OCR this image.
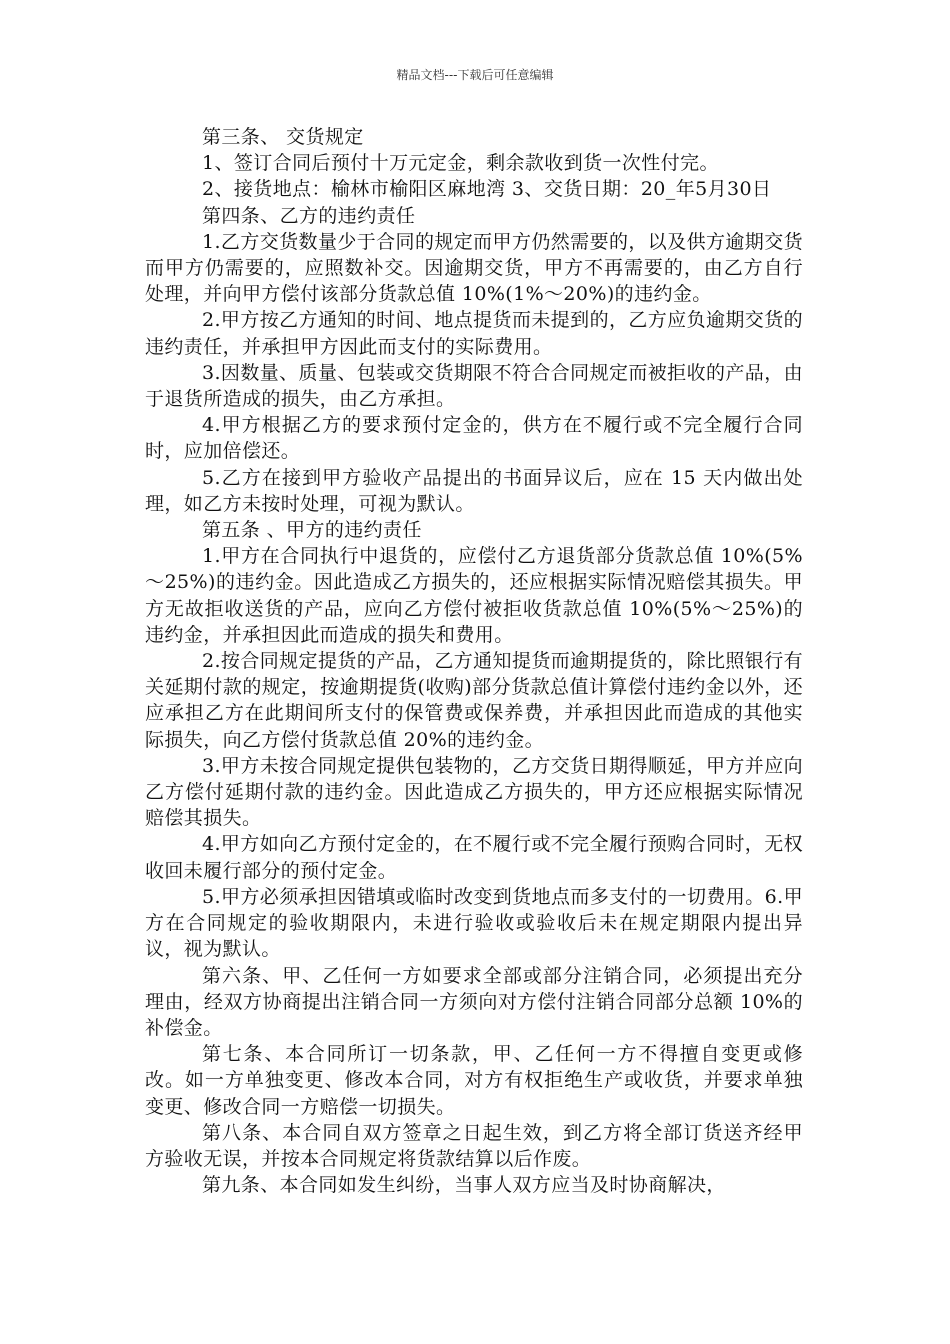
精品文档---下载后可任意编辑

第三条、 交货规定

1、签订合同后预付十万元定金，剩余款收到货一次性付完。

2、接货地点：榆林市榆阳区麻地湾 3、交货日期：20_年5月30日

第四条、乙方的违约责任

1.乙方交货数量少于合同的规定而甲方仍然需要的，以及供方逾期交货而甲方仍需要的，应照数补交。因逾期交货，甲方不再需要的，由乙方自行处理，并向甲方偿付该部分货款总值 10%(1%～20%)的违约金。

2.甲方按乙方通知的时间、地点提货而未提到的，乙方应负逾期交货的违约责任，并承担甲方因此而支付的实际费用。

3.因数量、质量、包装或交货期限不符合合同规定而被拒收的产品，由于退货所造成的损失，由乙方承担。

4.甲方根据乙方的要求预付定金的，供方在不履行或不完全履行合同时，应加倍偿还。

5.乙方在接到甲方验收产品提出的书面异议后，应在 15 天内做出处理，如乙方未按时处理，可视为默认。

第五条 、甲方的违约责任

1.甲方在合同执行中退货的，应偿付乙方退货部分货款总值 10%(5%～25%)的违约金。因此造成乙方损失的，还应根据实际情况赔偿其损失。甲方无故拒收送货的产品，应向乙方偿付被拒收货款总值 10%(5%～25%)的违约金，并承担因此而造成的损失和费用。

2.按合同规定提货的产品，乙方通知提货而逾期提货的，除比照银行有关延期付款的规定，按逾期提货(收购)部分货款总值计算偿付违约金以外，还应承担乙方在此期间所支付的保管费或保养费，并承担因此而造成的其他实际损失，向乙方偿付货款总值 20%的违约金。

3.甲方未按合同规定提供包装物的，乙方交货日期得顺延，甲方并应向乙方偿付延期付款的违约金。因此造成乙方损失的，甲方还应根据实际情况赔偿其损失。

4.甲方如向乙方预付定金的，在不履行或不完全履行预购合同时，无权收回未履行部分的预付定金。

5.甲方必须承担因错填或临时改变到货地点而多支付的一切费用。6.甲方在合同规定的验收期限内，未进行验收或验收后未在规定期限内提出异议，视为默认。

第六条、甲、乙任何一方如要求全部或部分注销合同，必须提出充分理由，经双方协商提出注销合同一方须向对方偿付注销合同部分总额 10%的补偿金。

第七条、本合同所订一切条款，甲、乙任何一方不得擅自变更或修改。如一方单独变更、修改本合同，对方有权拒绝生产或收货，并要求单独变更、修改合同一方赔偿一切损失。

第八条、本合同自双方签章之日起生效，到乙方将全部订货送齐经甲方验收无误，并按本合同规定将货款结算以后作废。

第九条、本合同如发生纠纷，当事人双方应当及时协商解决，
